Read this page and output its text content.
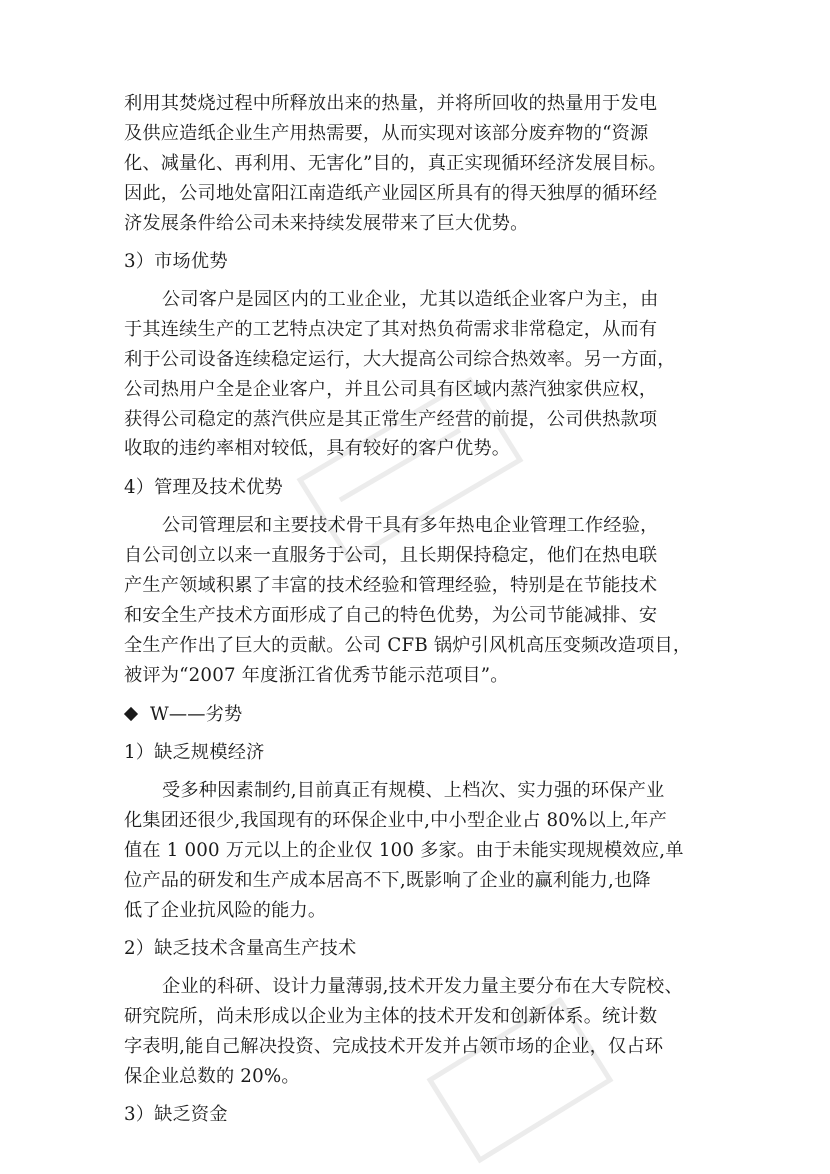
利用其焚烧过程中所释放出来的热量，并将所回收的热量用于发电
及供应造纸企业生产用热需要，从而实现对该部分废弃物的“资源
化、减量化、再利用、无害化”目的，真正实现循环经济发展目标。
因此，公司地处富阳江南造纸产业园区所具有的得天独厚的循环经
济发展条件给公司未来持续发展带来了巨大优势。
3）市场优势
公司客户是园区内的工业企业，尤其以造纸企业客户为主，由
于其连续生产的工艺特点决定了其对热负荷需求非常稳定，从而有
利于公司设备连续稳定运行，大大提高公司综合热效率。另一方面，
公司热用户全是企业客户，并且公司具有区域内蒸汽独家供应权，
获得公司稳定的蒸汽供应是其正常生产经营的前提，公司供热款项
收取的违约率相对较低，具有较好的客户优势。
4）管理及技术优势
公司管理层和主要技术骨干具有多年热电企业管理工作经验，
自公司创立以来一直服务于公司，且长期保持稳定，他们在热电联
产生产领域积累了丰富的技术经验和管理经验，特别是在节能技术
和安全生产技术方面形成了自己的特色优势，为公司节能减排、安
全生产作出了巨大的贡献。公司 CFB 锅炉引风机高压变频改造项目，
被评为“2007 年度浙江省优秀节能示范项目”。
W——劣势
1）缺乏规模经济
受多种因素制约,目前真正有规模、上档次、实力强的环保产业
化集团还很少,我国现有的环保企业中,中小型企业占 80%以上,年产
值在 1 000 万元以上的企业仅 100 多家。由于未能实现规模效应,单
位产品的研发和生产成本居高不下,既影响了企业的赢利能力,也降
低了企业抗风险的能力。
2）缺乏技术含量高生产技术
企业的科研、设计力量薄弱,技术开发力量主要分布在大专院校、
研究院所，尚未形成以企业为主体的技术开发和创新体系。统计数
字表明,能自己解决投资、完成技术开发并占领市场的企业，仅占环
保企业总数的 20%。
3）缺乏资金
